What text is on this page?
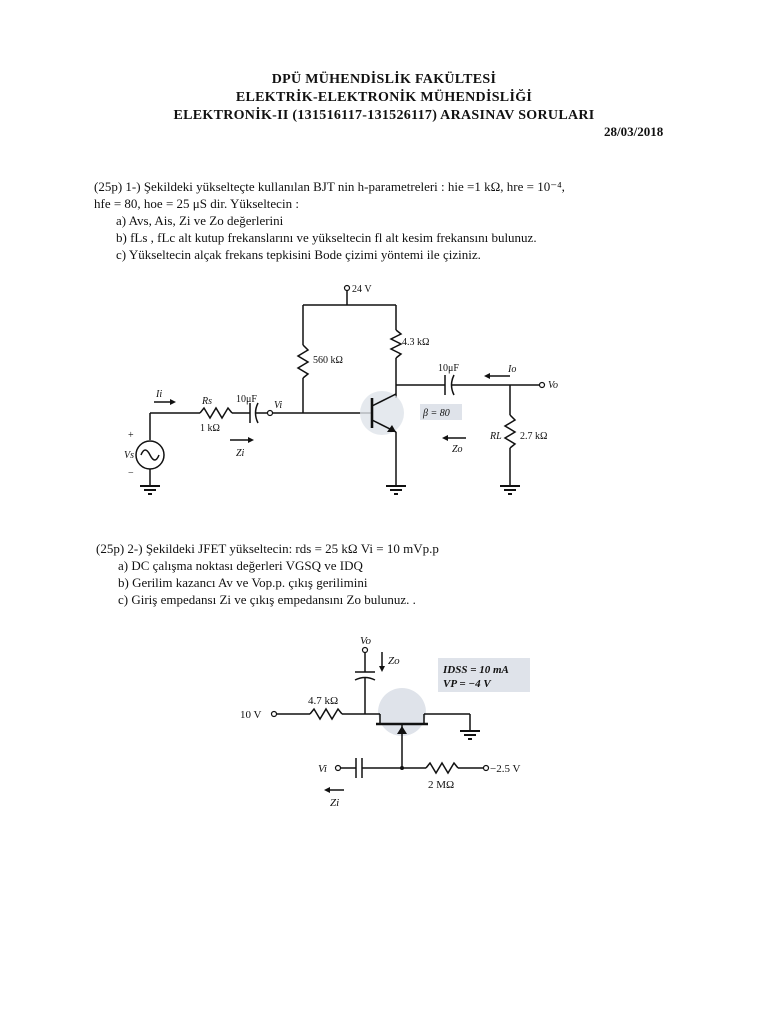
DPÜ MÜHENDİSLİK FAKÜLTESİ
ELEKTRİK-ELEKTRONİK MÜHENDİSLİĞİ
ELEKTRONİK-II (131516117-131526117) ARASINAV SORULARI
28/03/2018
(25p) 1-) Şekildeki yükselteçte kullanılan BJT nin h-parametreleri : hie =1 kΩ, hre = 10⁻⁴,
hfe = 80, hoe = 25 μS dir. Yükseltecin :
a) Avs, Ais, Zi ve Zo değerlerini
b) fLs , fLc alt kutup frekanslarını ve yükseltecin fl alt kesim frekansını bulunuz.
c) Yükseltecin alçak frekans tepkisini Bode çizimi yöntemi ile çiziniz.
24 V
560 kΩ
4.3 kΩ
10μF	Io
Vo
Ii
Rs
1 kΩ
10μF
Vi
β = 80
Zi	Zo
RL 2.7 kΩ
Vs
+
−
(25p) 2-) Şekildeki JFET yükseltecin: rds = 25 kΩ Vi = 10 mVp.p
a) DC çalışma noktası değerleri VGSQ ve IDQ
b) Gerilim kazancı Av ve Vop.p. çıkış gerilimini
c) Giriş empedansı Zi ve çıkış empedansını Zo bulunuz. .
Vo
Zo
IDSS = 10 mA
VP = −4 V
4.7 kΩ
10 V
Vi
2 MΩ
−2.5 V
Zi
